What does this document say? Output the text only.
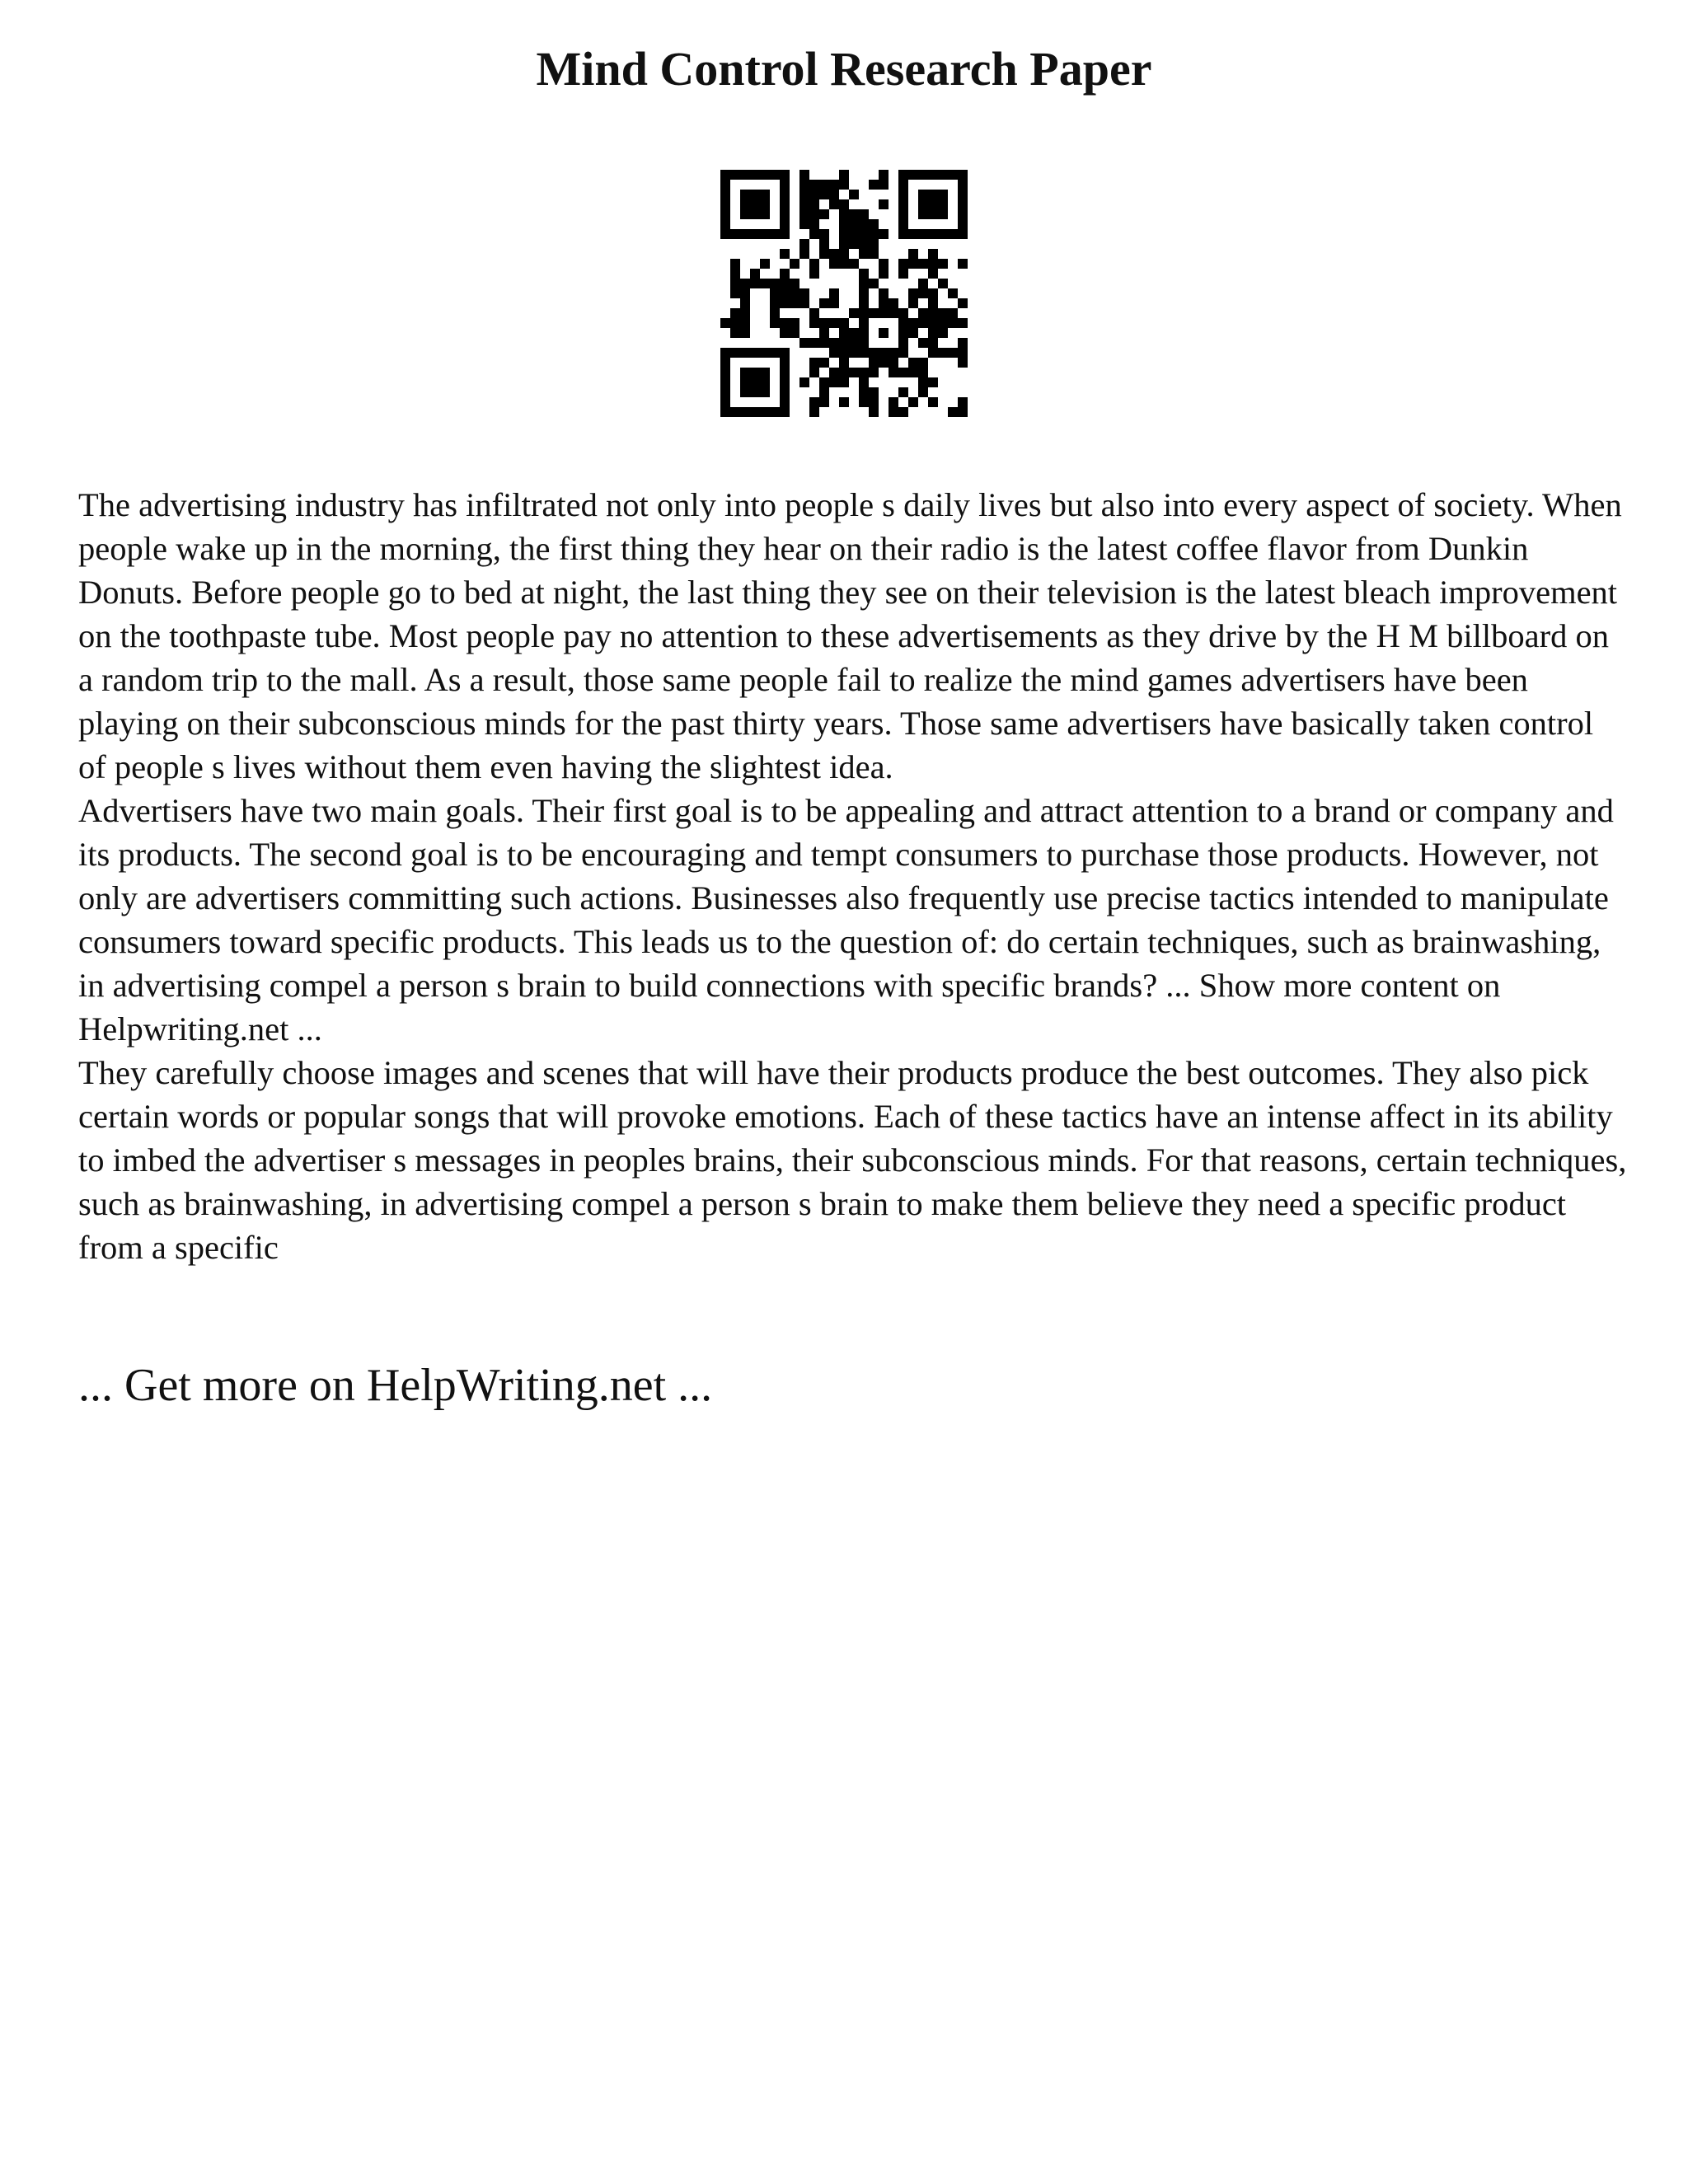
Mind Control Research Paper

The advertising industry has infiltrated not only into people s daily lives but also into every aspect of society. When people wake up in the morning, the first thing they hear on their radio is the latest coffee flavor from Dunkin Donuts. Before people go to bed at night, the last thing they see on their television is the latest bleach improvement on the toothpaste tube. Most people pay no attention to these advertisements as they drive by the H M billboard on a random trip to the mall. As a result, those same people fail to realize the mind games advertisers have been playing on their subconscious minds for the past thirty years. Those same advertisers have basically taken control of people s lives without them even having the slightest idea.

Advertisers have two main goals. Their first goal is to be appealing and attract attention to a brand or company and its products. The second goal is to be encouraging and tempt consumers to purchase those products. However, not only are advertisers committing such actions. Businesses also frequently use precise tactics intended to manipulate consumers toward specific products. This leads us to the question of: do certain techniques, such as brainwashing, in advertising compel a person s brain to build connections with specific brands? ... Show more content on Helpwriting.net ...

They carefully choose images and scenes that will have their products produce the best outcomes. They also pick certain words or popular songs that will provoke emotions. Each of these tactics have an intense affect in its ability to imbed the advertiser s messages in peoples brains, their subconscious minds. For that reasons, certain techniques, such as brainwashing, in advertising compel a person s brain to make them believe they need a specific product from a specific

... Get more on HelpWriting.net ...
